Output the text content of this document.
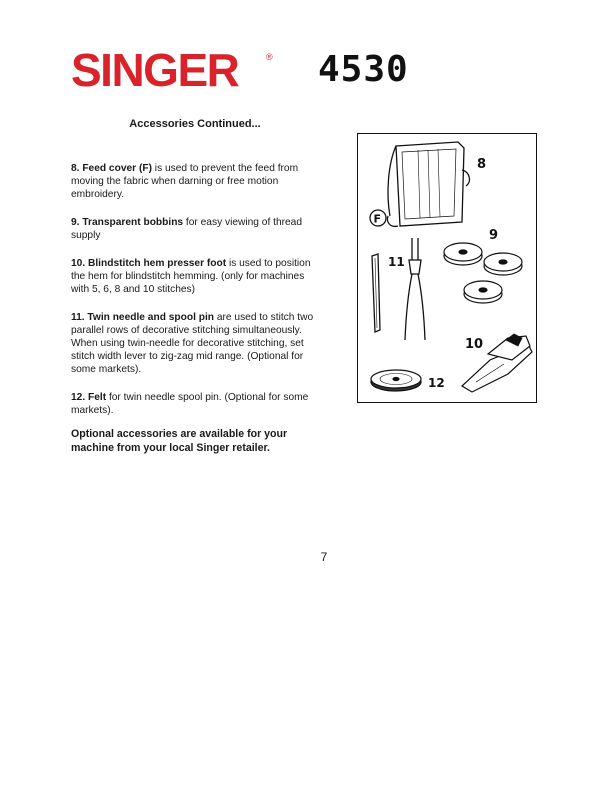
SINGER	® 4530

Accessories Continued...

8. Feed cover (F) is used to prevent the feed from moving the fabric when darning or free motion embroidery.
9. Transparent bobbins for easy viewing of thread supply
10. Blindstitch hem presser foot is used to position the hem for blindstitch hemming. (only for machines with 5, 6, 8 and 10 stitches)
11. Twin needle and spool pin are used to stitch two parallel rows of decorative stitching simultaneously. When using twin-needle for decorative stitching, set stitch width lever to zig-zag mid range. (Optional for some markets).
12. Felt for twin needle spool pin. (Optional for some markets).

Optional accessories are available for your machine from your local Singer retailer.

8
F
9
11
10
12

7
